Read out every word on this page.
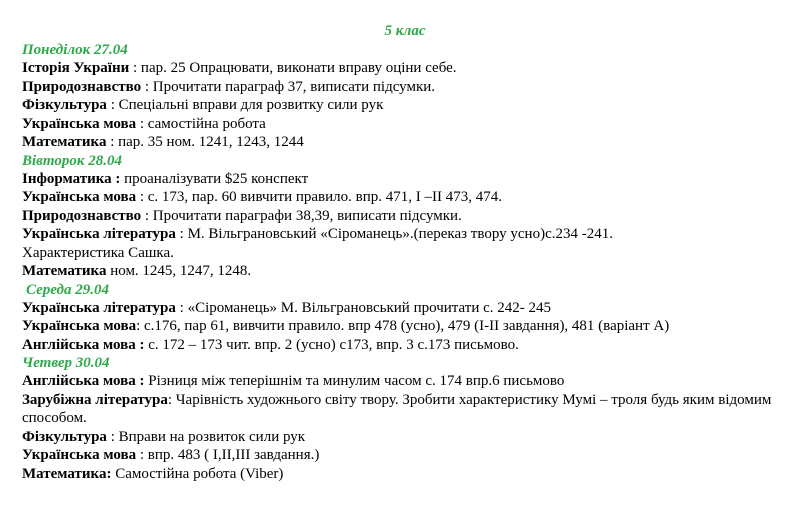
5 клас
Понеділок 27.04
Історія України : пар. 25 Опрацювати, виконати вправу оціни себе.
Природознавство : Прочитати параграф 37, виписати підсумки.
Фізкультура : Спеціальні вправи для розвитку сили рук
Українська мова : самостійна робота
Математика : пар. 35 ном. 1241, 1243, 1244
Вівторок 28.04
Інформатика : проаналізувати $25 конспект
Українська мова : с. 173, пар. 60 вивчити правило. впр. 471, І –ІІ 473, 474.
Природознавство : Прочитати параграфи 38,39, виписати підсумки.
Українська література : М. Вільграновський «Сіроманець».(переказ твору усно)с.234 -241.
Характеристика Сашка.
Математика ном. 1245, 1247, 1248.
Середа 29.04
Українська література : «Сіроманець» М. Вільграновський прочитати с. 242- 245
Українська мова: с.176, пар 61, вивчити правило. впр 478 (усно), 479 (І-ІІ завдання), 481 (варіант А)
Англійська мова : с. 172 – 173 чит. впр. 2 (усно) с173, впр. 3 с.173 письмово.
Четвер 30.04
Англійська мова : Різниця між теперішнім та минулим часом с. 174 впр.6 письмово
Зарубіжна література: Чарівність художнього світу твору. Зробити характеристику Мумі – троля будь яким відомим способом.
Фізкультура : Вправи на розвиток сили рук
Українська мова : впр. 483 ( І,ІІ,ІІІ завдання.)
Математика: Самостійна робота (Viber)
